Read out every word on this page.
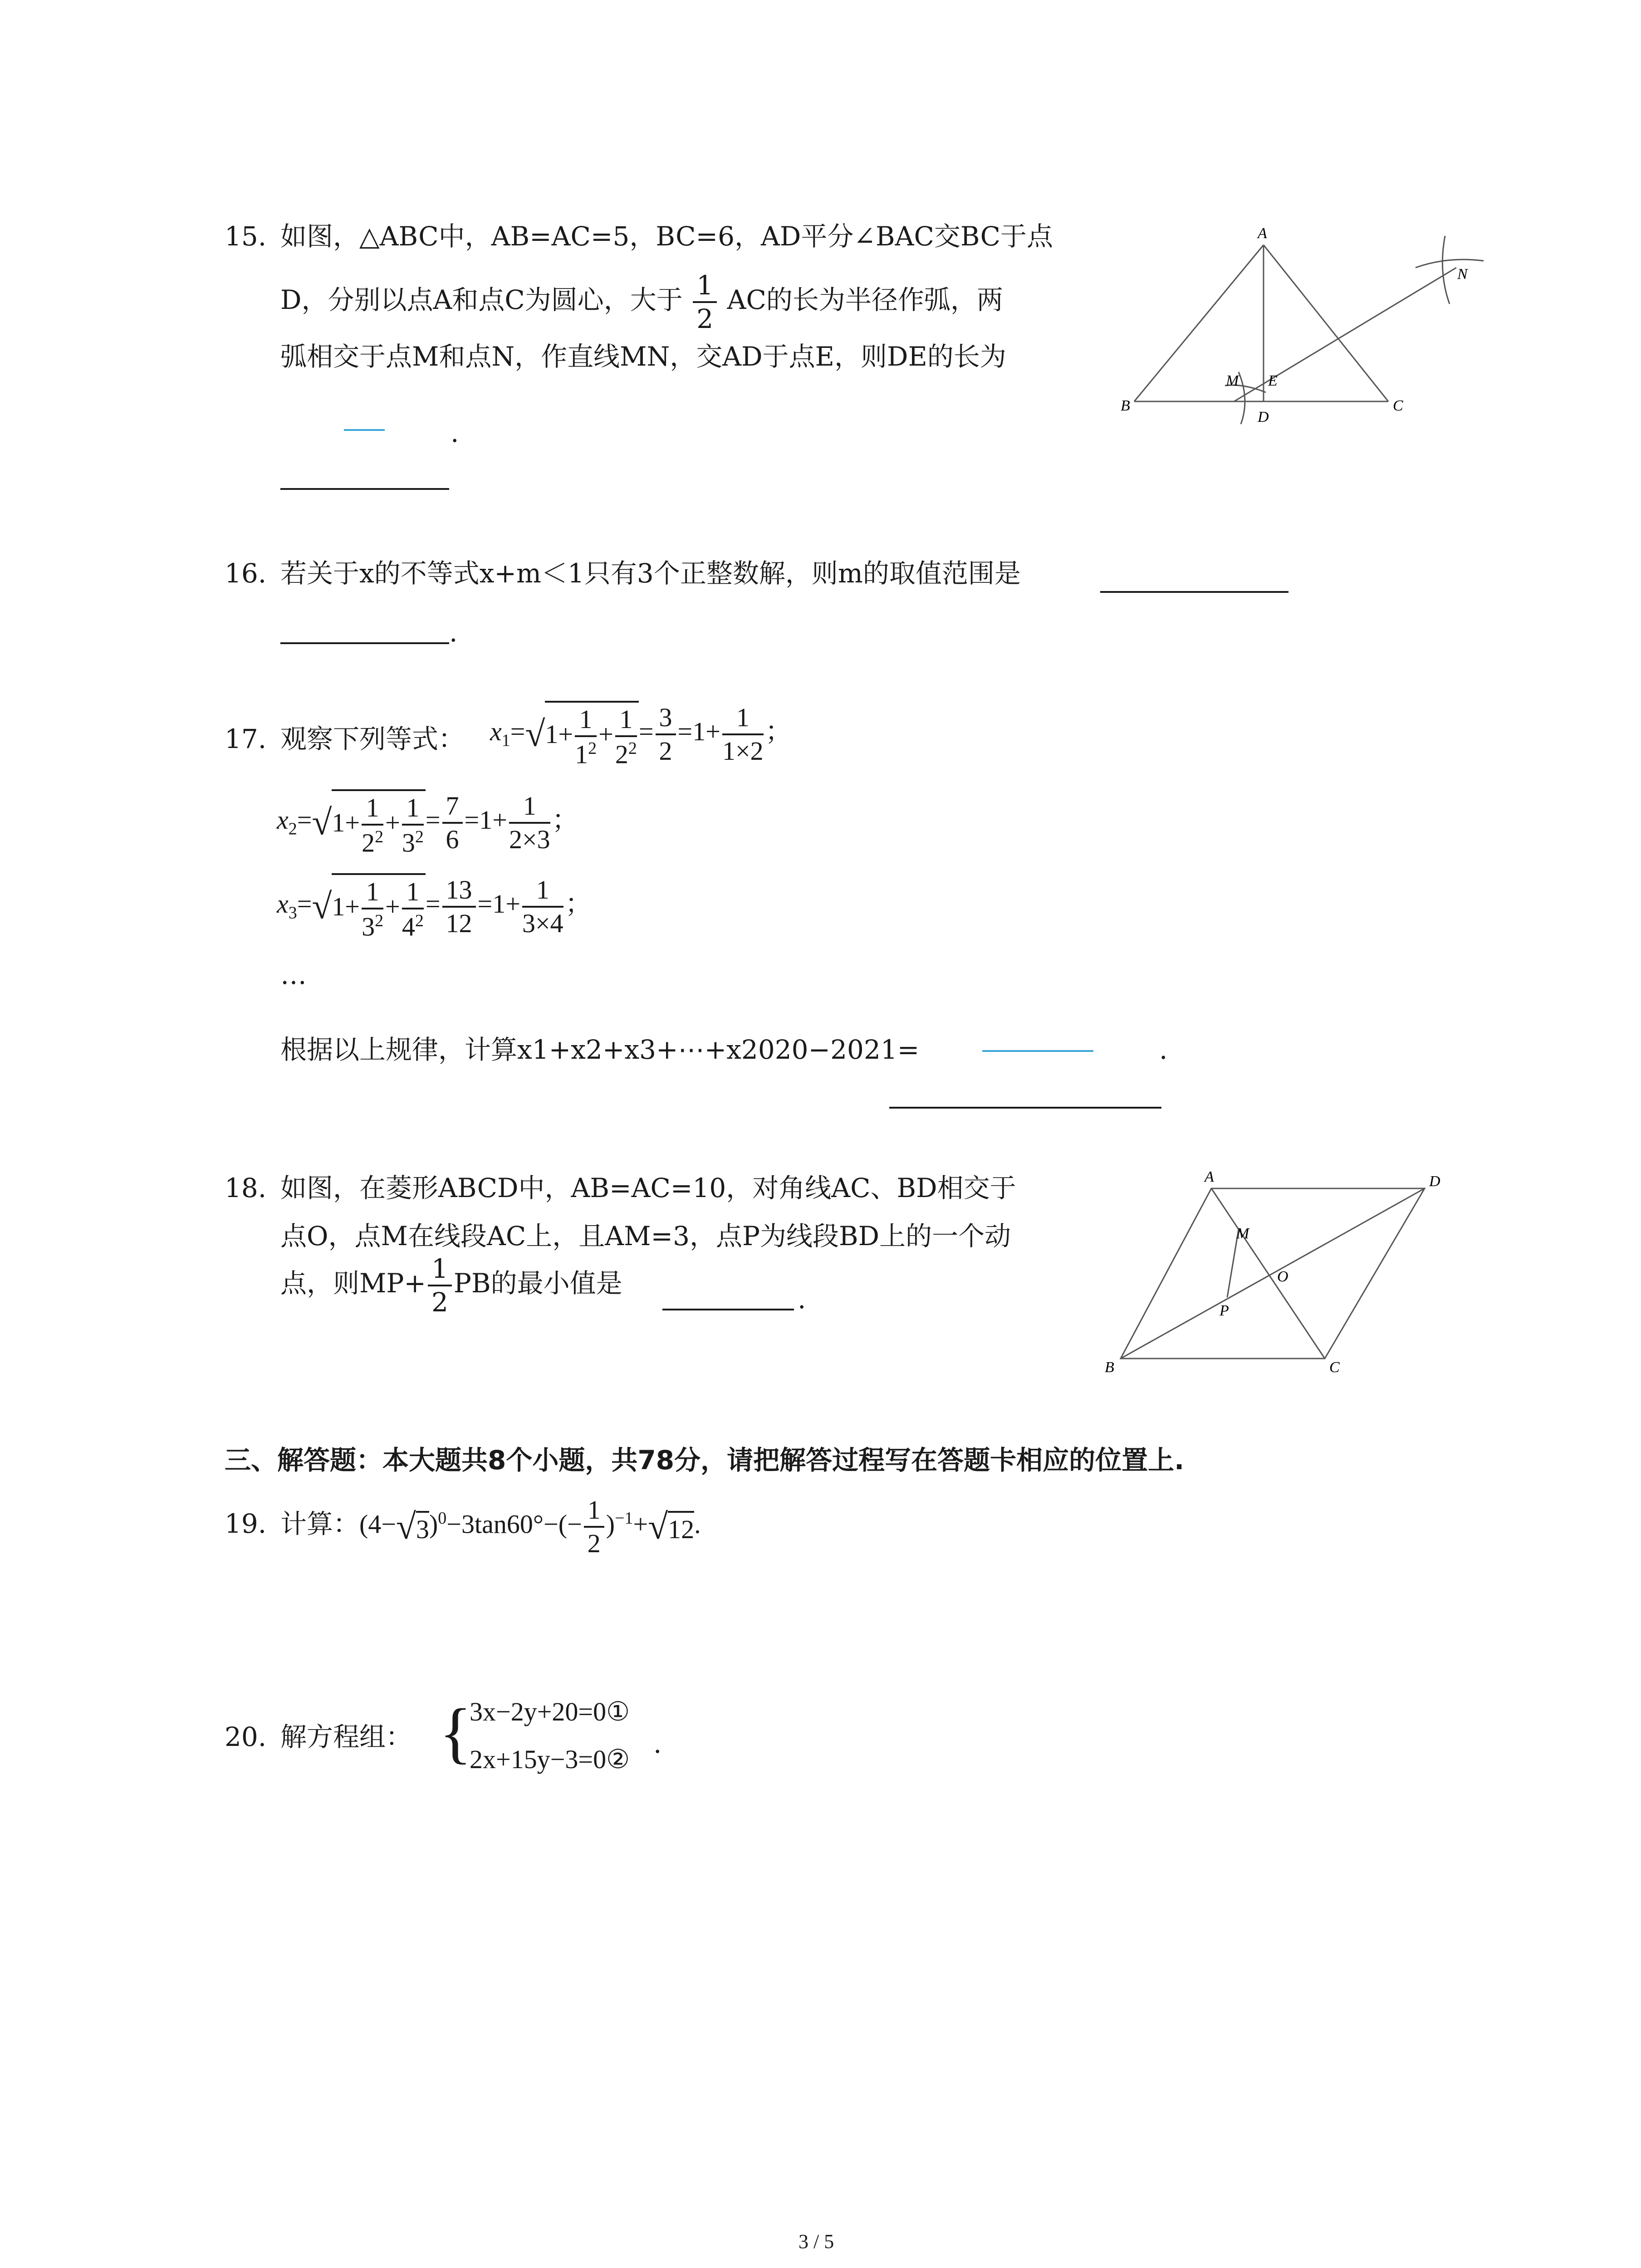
15. 如图，△ABC中，AB=AC=5，BC=6，AD平分∠BAC交BC于点
D，分别以点A和点C为圆心，大于 $\frac{1}{2}$ AC的长为半径作弧，两
弧相交于点M和点N，作直线MN，交AD于点E，则DE的长为
.
A
B	C
D
E
M
N
16. 若关于x的不等式x+m＜1只有3个正整数解，则m的取值范围是
.
17. 观察下列等式： $x_1=√1+ \frac{1}{1^2} + \frac{1}{2^2} = \frac{3}{2} =1+ \frac{1}{1\times 2}$ ；
$x_2=√1+ \frac{1}{2^2} + \frac{1}{3^2} = \frac{7}{6} =1+ \frac{1}{2\times 3}$ ；
$x_3=√1+ \frac{1}{3^2} + \frac{1}{4^2} = \frac{13}{12} =1+ \frac{1}{3\times 4}$ ；
…
根据以上规律，计算x1+x2+x3+⋯+x2020−2021=	.
18. 如图，在菱形ABCD中，AB=AC=10，对角线AC、BD相交于
点O，点M在线段AC上，且AM=3，点P为线段BD上的一个动
点，则$MP+ \frac{1}{2}$ PB的最小值是
.
A	D
B	C
M
O
P
三、解答题：本大题共8个小题，共78分，请把解答过程写在答题卡相应的位置上.
19. 计算：$(4-√3)^0-3\tan 60^\circ-(- \frac{1}{2} )^{-1}+√12$.
20. 解方程组： {
3x−2y+20=0①
2x+15y−3=0②
.
3 / 5
